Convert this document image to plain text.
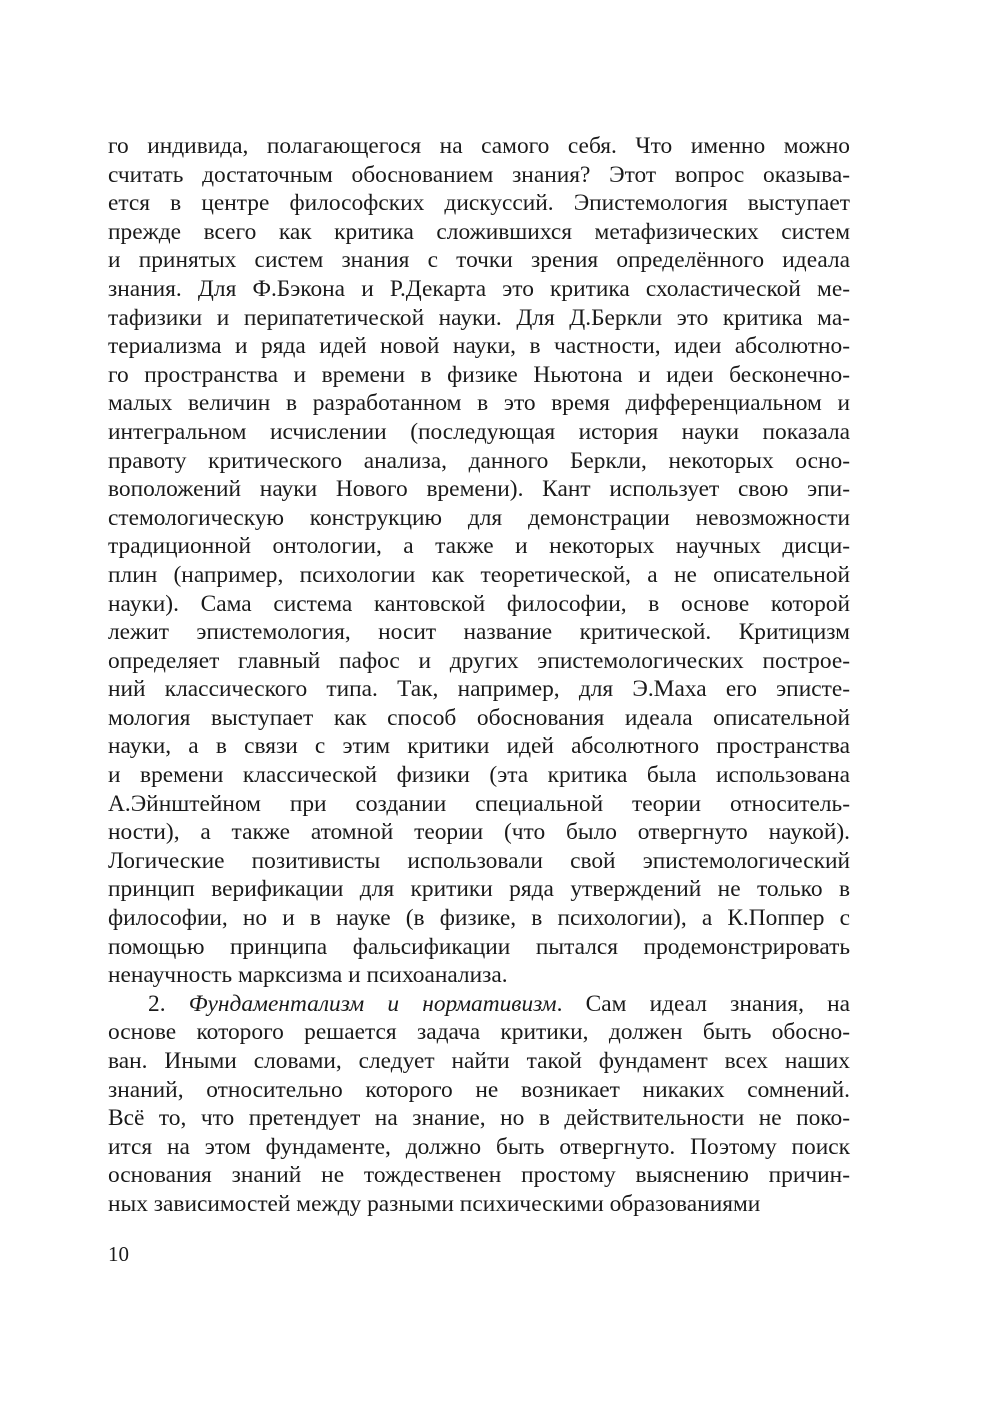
го индивида, полагающегося на самого себя. Что именно можно
считать достаточным обоснованием знания? Этот вопрос оказыва-
ется в центре философских дискуссий. Эпистемология выступает
прежде всего как критика сложившихся метафизических систем
и принятых систем знания с точки зрения определённого идеала
знания. Для Ф.Бэкона и Р.Декарта это критика схоластической ме-
тафизики и перипатетической науки. Для Д.Беркли это критика ма-
териализма и ряда идей новой науки, в частности, идеи абсолютно-
го пространства и времени в физике Ньютона и идеи бесконечно-
малых величин в разработанном в это время дифференциальном и
интегральном исчислении (последующая история науки показала
правоту критического анализа, данного Беркли, некоторых осно-
воположений науки Нового времени). Кант использует свою эпи-
стемологическую конструкцию для демонстрации невозможности
традиционной онтологии, а также и некоторых научных дисци-
плин (например, психологии как теоретической, а не описательной
науки). Сама система кантовской философии, в основе которой
лежит эпистемология, носит название критической. Критицизм
определяет главный пафос и других эпистемологических построе-
ний классического типа. Так, например, для Э.Маха его эписте-
мология выступает как способ обоснования идеала описательной
науки, а в связи с этим критики идей абсолютного пространства
и времени классической физики (эта критика была использована
А.Эйнштейном при создании специальной теории относитель-
ности), а также атомной теории (что было отвергнуто наукой).
Логические позитивисты использовали свой эпистемологический
принцип верификации для критики ряда утверждений не только в
философии, но и в науке (в физике, в психологии), а К.Поппер с
помощью принципа фальсификации пытался продемонстрировать
ненаучность марксизма и психоанализа.
2. Фундаментализм и нормативизм. Сам идеал знания, на
основе которого решается задача критики, должен быть обосно-
ван. Иными словами, следует найти такой фундамент всех наших
знаний, относительно которого не возникает никаких сомнений.
Всё то, что претендует на знание, но в действительности не поко-
ится на этом фундаменте, должно быть отвергнуто. Поэтому поиск
основания знаний не тождественен простому выяснению причин-
ных зависимостей между разными психическими образованиями
10
